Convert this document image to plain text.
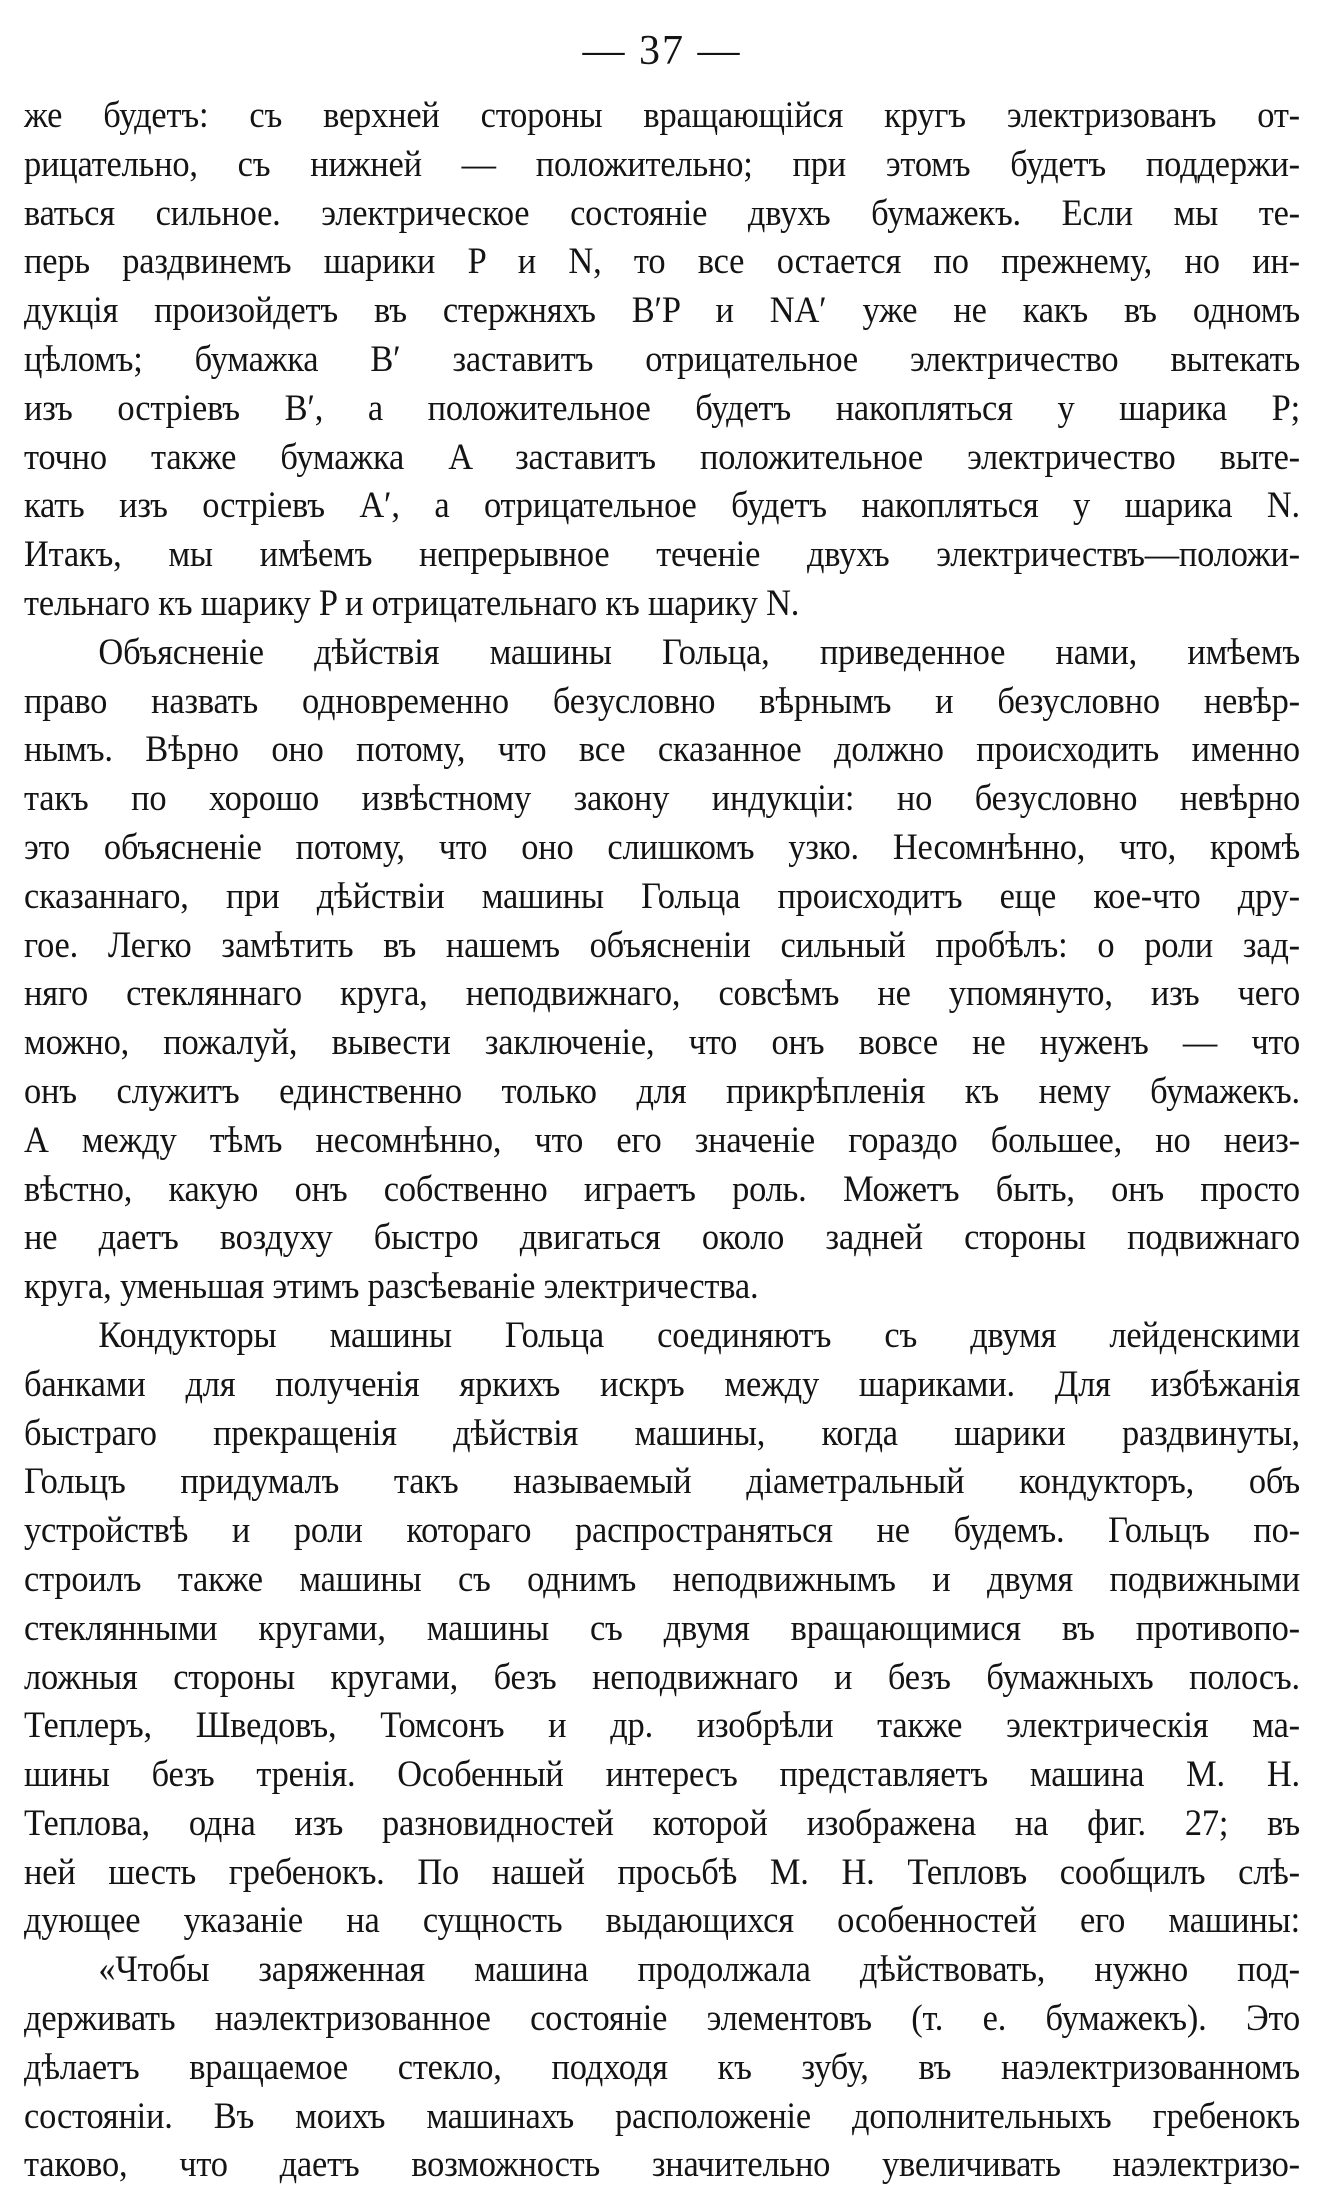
— 37 —
же будетъ: съ верхней стороны вращающійся кругъ электризованъ от-
рицательно, съ нижней — положительно; при этомъ будетъ поддержи-
ваться сильное. электрическое состояніе двухъ бумажекъ. Если мы те-
перь раздвинемъ шарики P и N, то все остается по прежнему, но ин-
дукція произойдетъ въ стержняхъ B′P и NA′ уже не какъ въ одномъ
цѣломъ; бумажка B′ заставитъ отрицательное электричество вытекать
изъ остріевъ B′, а положительное будетъ накопляться у шарика P;
точно также бумажка A заставитъ положительное электричество выте-
кать изъ остріевъ A′, а отрицательное будетъ накопляться у шарика N.
Итакъ, мы имѣемъ непрерывное теченіе двухъ электричествъ—положи-
тельнаго къ шарику P и отрицательнаго къ шарику N.
Объясненіе дѣйствія машины Гольца, приведенное нами, имѣемъ
право назвать одновременно безусловно вѣрнымъ и безусловно невѣр-
нымъ. Вѣрно оно потому, что все сказанное должно происходить именно
такъ по хорошо извѣстному закону индукціи: но безусловно невѣрно
это объясненіе потому, что оно слишкомъ узко. Несомнѣнно, что, кромѣ
сказаннаго, при дѣйствіи машины Гольца происходитъ еще кое-что дру-
гое. Легко замѣтить въ нашемъ объясненіи сильный пробѣлъ: о роли зад-
няго стекляннаго круга, неподвижнаго, совсѣмъ не упомянуто, изъ чего
можно, пожалуй, вывести заключеніе, что онъ вовсе не нуженъ — что
онъ служитъ единственно только для прикрѣпленія къ нему бумажекъ.
А между тѣмъ несомнѣнно, что его значеніе гораздо большее, но неиз-
вѣстно, какую онъ собственно играетъ роль. Можетъ быть, онъ просто
не даетъ воздуху быстро двигаться около задней стороны подвижнаго
круга, уменьшая этимъ разсѣеваніе электричества.
Кондукторы машины Гольца соединяютъ съ двумя лейденскими
банками для полученія яркихъ искръ между шариками. Для избѣжанія
быстраго прекращенія дѣйствія машины, когда шарики раздвинуты,
Гольцъ придумалъ такъ называемый діаметральный кондукторъ, объ
устройствѣ и роли котораго распространяться не будемъ. Гольцъ по-
строилъ также машины съ однимъ неподвижнымъ и двумя подвижными
стеклянными кругами, машины съ двумя вращающимися въ противопо-
ложныя стороны кругами, безъ неподвижнаго и безъ бумажныхъ полосъ.
Теплеръ, Шведовъ, Томсонъ и др. изобрѣли также электрическія ма-
шины безъ тренія. Особенный интересъ представляетъ машина М. Н.
Теплова, одна изъ разновидностей которой изображена на фиг. 27; въ
ней шесть гребенокъ. По нашей просьбѣ М. Н. Тепловъ сообщилъ слѣ-
дующее указаніе на сущность выдающихся особенностей его машины:
«Чтобы заряженная машина продолжала дѣйствовать, нужно под-
держивать наэлектризованное состояніе элементовъ (т. е. бумажекъ). Это
дѣлаетъ вращаемое стекло, подходя къ зубу, въ наэлектризованномъ
состояніи. Въ моихъ машинахъ расположеніе дополнительныхъ гребенокъ
таково, что даетъ возможность значительно увеличивать наэлектризо-
